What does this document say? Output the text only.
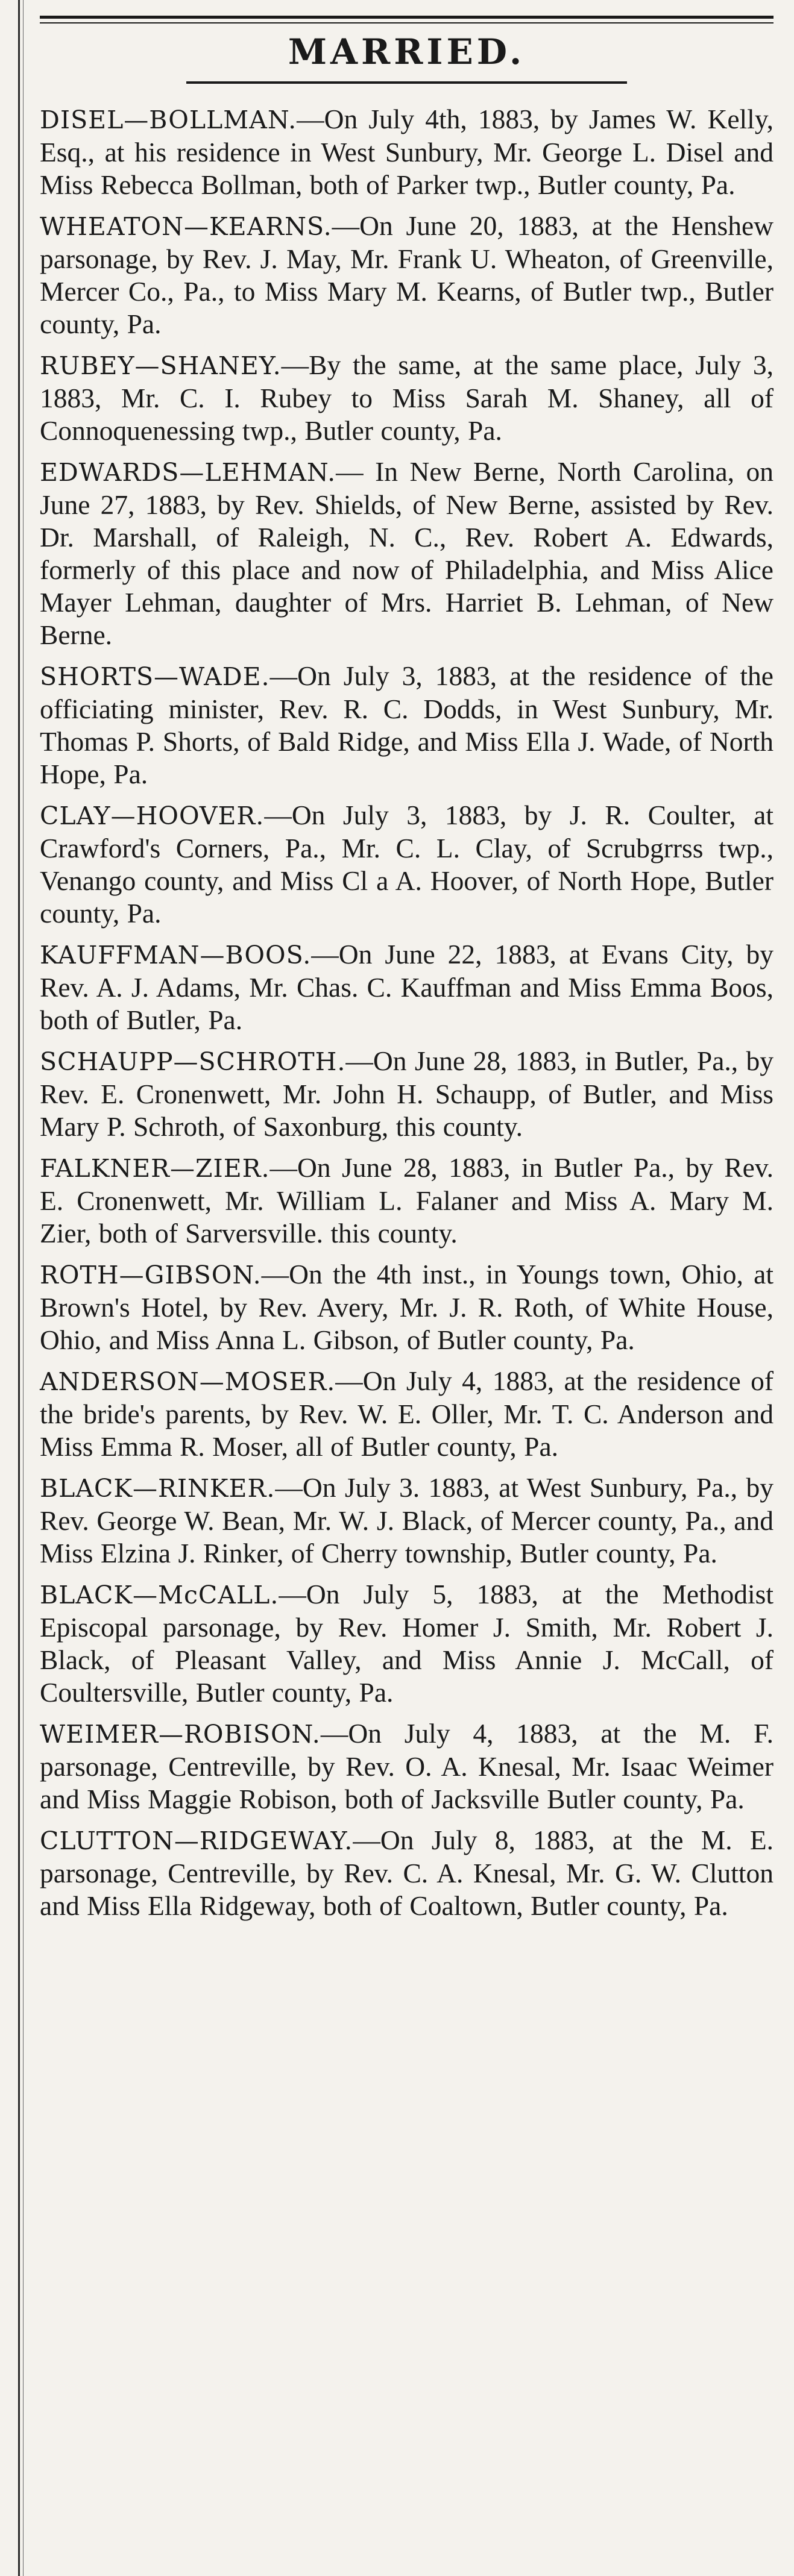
MARRIED.

DISEL—BOLLMAN.—On July 4th, 1883, by James W. Kelly, Esq., at his residence in West Sunbury, Mr. George L. Disel and Miss Rebecca Bollman, both of Parker twp., Butler county, Pa.

WHEATON—KEARNS.—On June 20, 1883, at the Henshew parsonage, by Rev. J. May, Mr. Frank U. Wheaton, of Greenville, Mercer Co., Pa., to Miss Mary M. Kearns, of Butler twp., Butler county, Pa.

RUBEY—SHANEY.—By the same, at the same place, July 3, 1883, Mr. C. I. Rubey to Miss Sarah M. Shaney, all of Connoquenessing twp., Butler county, Pa.

EDWARDS—LEHMAN.— In New Berne, North Carolina, on June 27, 1883, by Rev. Shields, of New Berne, assisted by Rev. Dr. Marshall, of Raleigh, N. C., Rev. Robert A. Edwards, formerly of this place and now of Philadelphia, and Miss Alice Mayer Lehman, daughter of Mrs. Harriet B. Lehman, of New Berne.

SHORTS—WADE.—On July 3, 1883, at the residence of the officiating minister, Rev. R. C. Dodds, in West Sunbury, Mr. Thomas P. Shorts, of Bald Ridge, and Miss Ella J. Wade, of North Hope, Pa.

CLAY—HOOVER.—On July 3, 1883, by J. R. Coulter, at Crawford's Corners, Pa., Mr. C. L. Clay, of Scrubgrrss twp., Venango county, and Miss Cl a A. Hoover, of North Hope, Butler county, Pa.

KAUFFMAN—BOOS.—On June 22, 1883, at Evans City, by Rev. A. J. Adams, Mr. Chas. C. Kauffman and Miss Emma Boos, both of Butler, Pa.

SCHAUPP—SCHROTH.—On June 28, 1883, in Butler, Pa., by Rev. E. Cronenwett, Mr. John H. Schaupp, of Butler, and Miss Mary P. Schroth, of Saxonburg, this county.

FALKNER—ZIER.—On June 28, 1883, in Butler Pa., by Rev. E. Cronenwett, Mr. William L. Falaner and Miss A. Mary M. Zier, both of Sarversville. this county.

ROTH—GIBSON.—On the 4th inst., in Youngs town, Ohio, at Brown's Hotel, by Rev. Avery, Mr. J. R. Roth, of White House, Ohio, and Miss Anna L. Gibson, of Butler county, Pa.

ANDERSON—MOSER.—On July 4, 1883, at the residence of the bride's parents, by Rev. W. E. Oller, Mr. T. C. Anderson and Miss Emma R. Moser, all of Butler county, Pa.

BLACK—RINKER.—On July 3. 1883, at West Sunbury, Pa., by Rev. George W. Bean, Mr. W. J. Black, of Mercer county, Pa., and Miss Elzina J. Rinker, of Cherry township, Butler county, Pa.

BLACK—McCALL.—On July 5, 1883, at the Methodist Episcopal parsonage, by Rev. Homer J. Smith, Mr. Robert J. Black, of Pleasant Valley, and Miss Annie J. McCall, of Coultersville, Butler county, Pa.

WEIMER—ROBISON.—On July 4, 1883, at the M. F. parsonage, Centreville, by Rev. O. A. Knesal, Mr. Isaac Weimer and Miss Maggie Robison, both of Jacksville Butler county, Pa.

CLUTTON—RIDGEWAY.—On July 8, 1883, at the M. E. parsonage, Centreville, by Rev. C. A. Knesal, Mr. G. W. Clutton and Miss Ella Ridgeway, both of Coaltown, Butler county, Pa.
